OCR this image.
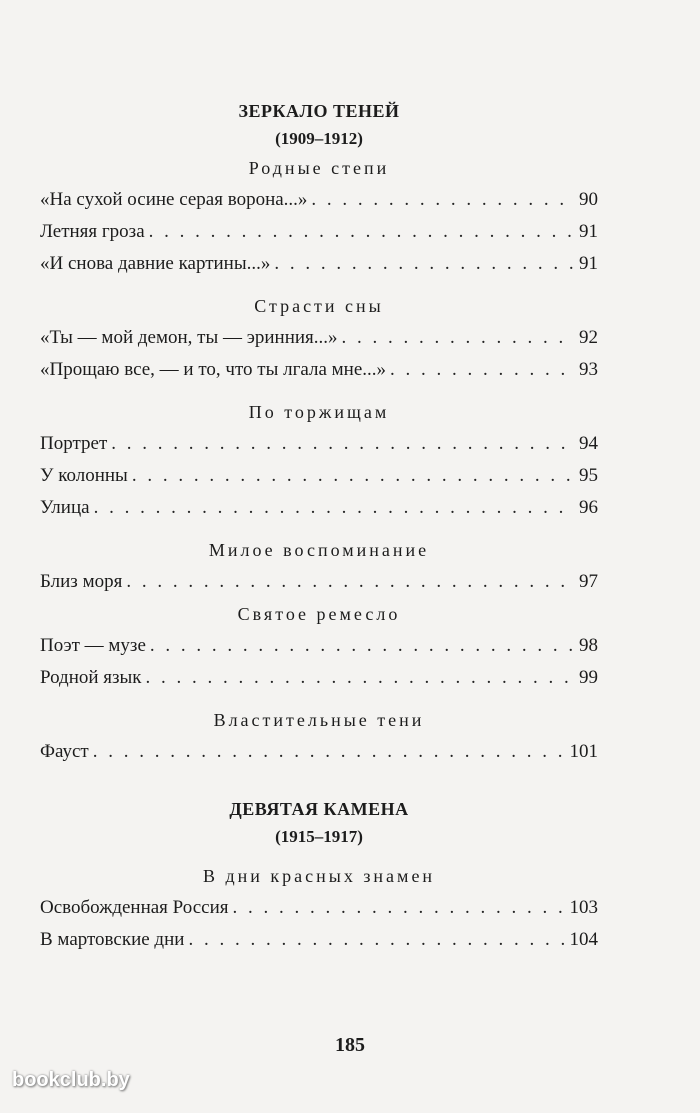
ЗЕРКАЛО ТЕНЕЙ
(1909–1912)
Родные степи
«На сухой осине серая ворона...» . . .	90
Летняя гроза . . .	91
«И снова давние картины...» . . .	91
Страсти сны
«Ты — мой демон, ты — эринния...» . . .	92
«Прощаю все, — и то, что ты лгала мне...» . . .	93
По торжищам
Портрет . . .	94
У колонны . . .	95
Улица . . .	96
Милое воспоминание
Близ моря . . .	97
Святое ремесло
Поэт — музе . . .	98
Родной язык . . .	99
Властительные тени
Фауст . . .	101
ДЕВЯТАЯ КАМЕНА
(1915–1917)
В дни красных знамен
Освобожденная Россия . . .	103
В мартовские дни . . .	104
185
bookclub.by
